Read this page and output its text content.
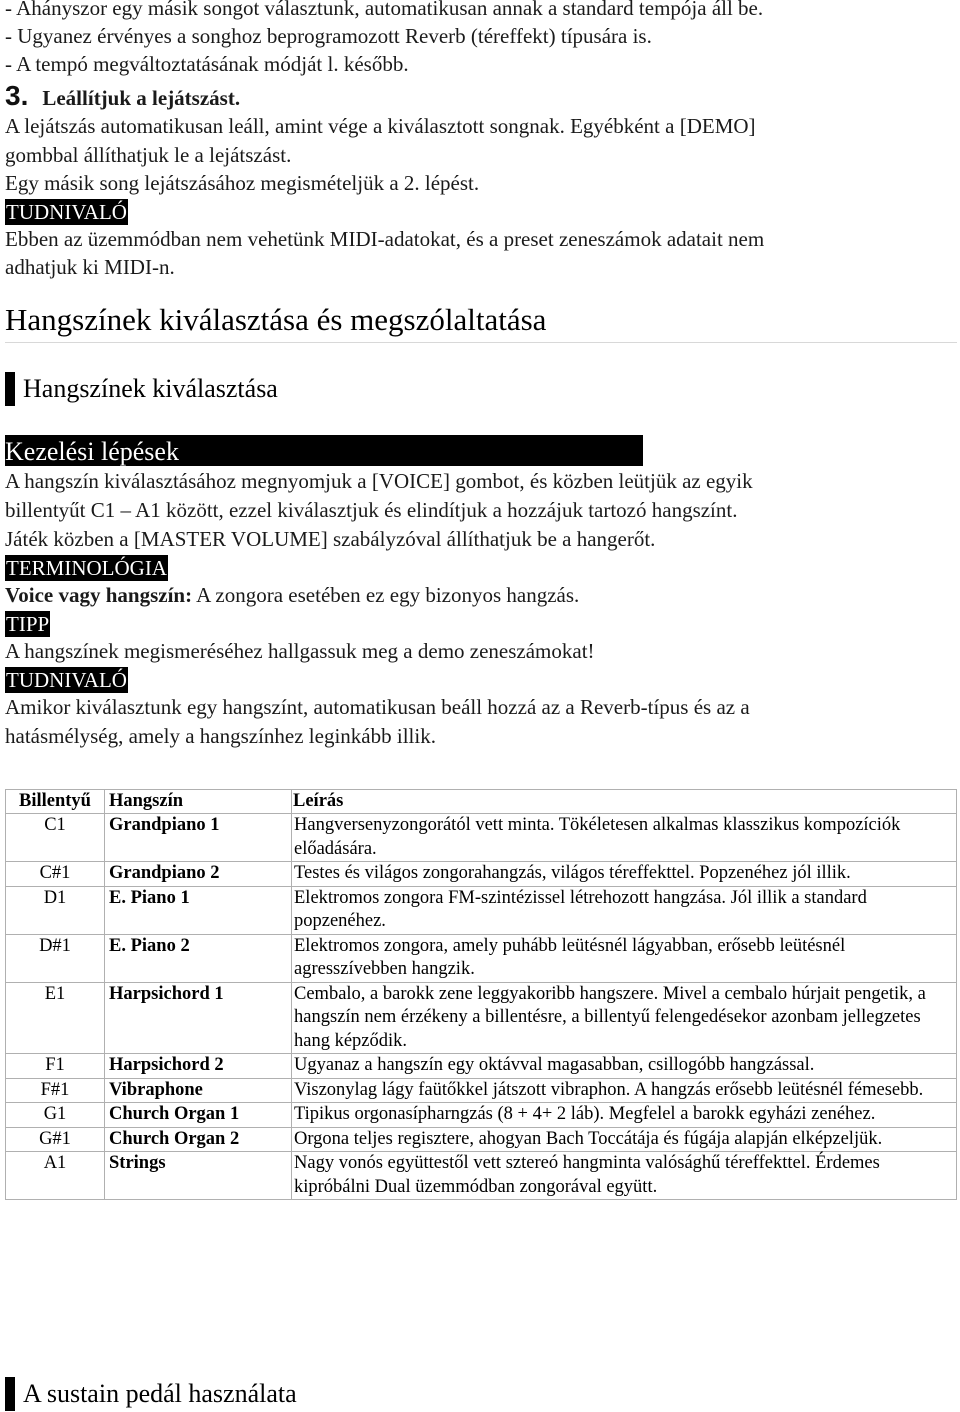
- Ahányszor egy másik songot választunk, automatikusan annak a standard tempója áll be.
- Ugyanez érvényes a songhoz beprogramozott Reverb (téreffekt) típusára is.
- A tempó megváltoztatásának módját l. később.
3. Leállítjuk a lejátszást.
A lejátszás automatikusan leáll, amint vége a kiválasztott songnak. Egyébként a [DEMO]
gombbal állíthatjuk le a lejátszást.
Egy másik song lejátszásához megismételjük a 2. lépést.
TUDNIVALÓ
Ebben az üzemmódban nem vehetünk MIDI-adatokat, és a preset zeneszámok adatait nem
adhatjuk ki MIDI-n.
Hangszínek kiválasztása és megszólaltatása
Hangszínek kiválasztása
Kezelési lépések
A hangszín kiválasztásához megnyomjuk a [VOICE] gombot, és közben leütjük az egyik
billentyűt C1 – A1 között, ezzel kiválasztjuk és elindítjuk a hozzájuk tartozó hangszínt.
Játék közben a [MASTER VOLUME] szabályzóval állíthatjuk be a hangerőt.
TERMINOLÓGIA
Voice vagy hangszín: A zongora esetében ez egy bizonyos hangzás.
TIPP
A hangszínek megismeréséhez hallgassuk meg a demo zeneszámokat!
TUDNIVALÓ
Amikor kiválasztunk egy hangszínt, automatikusan beáll hozzá az a Reverb-típus és az a
hatásmélység, amely a hangszínhez leginkább illik.
Billentyű	Hangszín	Leírás
C1	Grandpiano 1	Hangversenyzongorától vett minta. Tökéletesen alkalmas klasszikus kompozíciók előadására.
C#1	Grandpiano 2	Testes és világos zongorahangzás, világos téreffekttel. Popzenéhez jól illik.
D1	E. Piano 1	Elektromos zongora FM-szintézissel létrehozott hangzása. Jól illik a standard popzenéhez.
D#1	E. Piano 2	Elektromos zongora, amely puhább leütésnél lágyabban, erősebb leütésnél agresszívebben hangzik.
E1	Harpsichord 1	Cembalo, a barokk zene leggyakoribb hangszere. Mivel a cembalo húrjait pengetik, a hangszín nem érzékeny a billentésre, a billentyű felengedésekor azonbam jellegzetes hang képződik.
F1	Harpsichord 2	Ugyanaz a hangszín egy oktávval magasabban, csillogóbb hangzással.
F#1	Vibraphone	Viszonylag lágy faütőkkel játszott vibraphon. A hangzás erősebb leütésnél fémesebb.
G1	Church Organ 1	Tipikus orgonasípharngzás (8 + 4+ 2 láb). Megfelel a barokk egyházi zenéhez.
G#1	Church Organ 2	Orgona teljes regisztere, ahogyan Bach Toccátája és fúgája alapján elképzeljük.
A1	Strings	Nagy vonós együttestől vett sztereó hangminta valósághű téreffekttel. Érdemes kipróbálni Dual üzemmódban zongorával együtt.
A sustain pedál használata
